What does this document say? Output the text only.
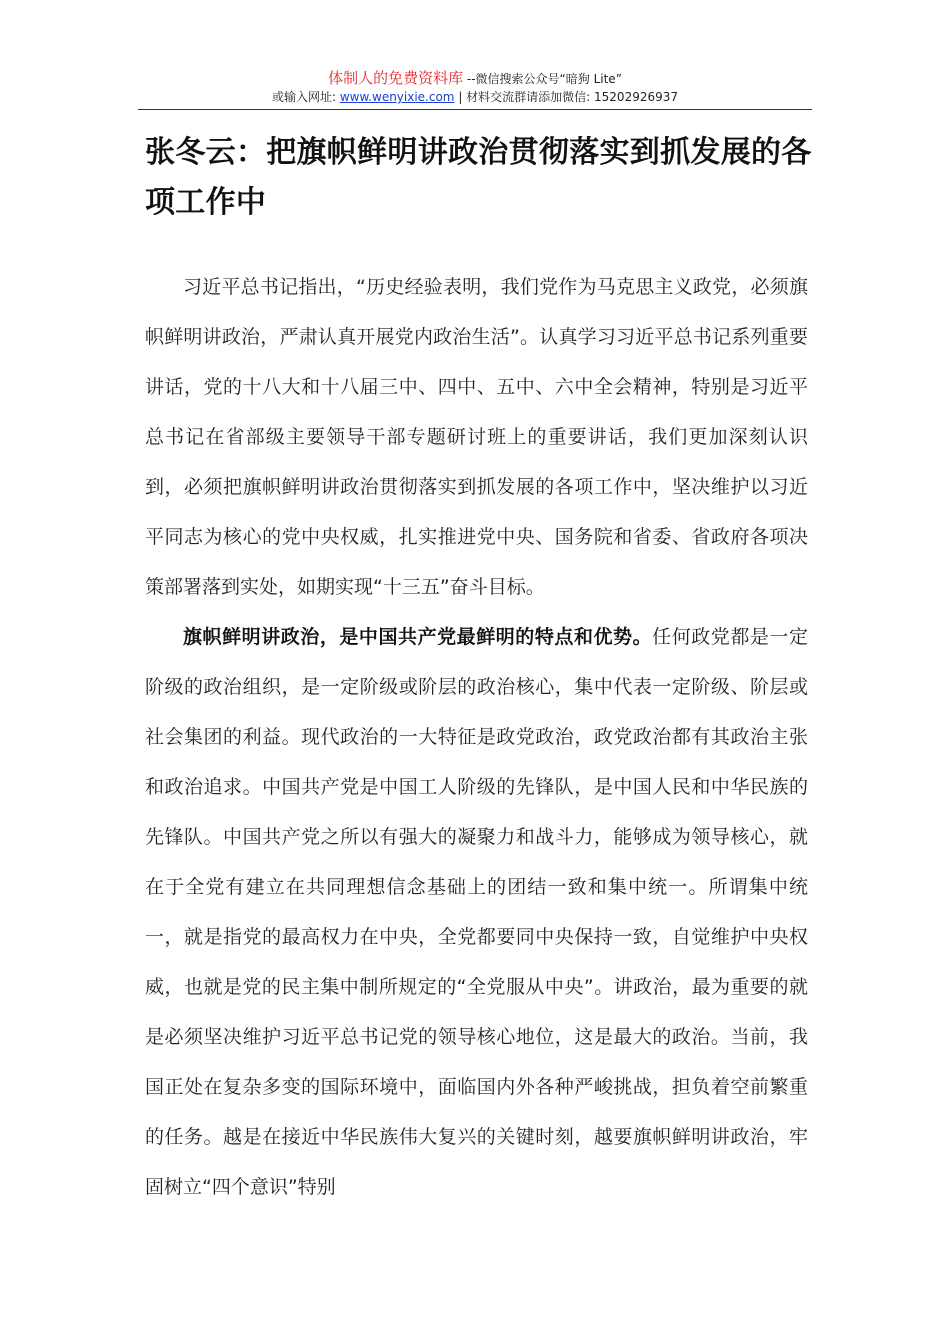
体制人的免费资料库 --微信搜索公众号“暗狗 Lite”
或输入网址: www.wenyixie.com | 材料交流群请添加微信: 15202926937
张冬云：把旗帜鲜明讲政治贯彻落实到抓发展的各项工作中

习近平总书记指出，“历史经验表明，我们党作为马克思主义政党，必须旗帜鲜明讲政治，严肃认真开展党内政治生活”。认真学习习近平总书记系列重要讲话，党的十八大和十八届三中、四中、五中、六中全会精神，特别是习近平总书记在省部级主要领导干部专题研讨班上的重要讲话，我们更加深刻认识到，必须把旗帜鲜明讲政治贯彻落实到抓发展的各项工作中，坚决维护以习近平同志为核心的党中央权威，扎实推进党中央、国务院和省委、省政府各项决策部署落到实处，如期实现“十三五”奋斗目标。

旗帜鲜明讲政治，是中国共产党最鲜明的特点和优势。任何政党都是一定阶级的政治组织，是一定阶级或阶层的政治核心，集中代表一定阶级、阶层或社会集团的利益。现代政治的一大特征是政党政治，政党政治都有其政治主张和政治追求。中国共产党是中国工人阶级的先锋队，是中国人民和中华民族的先锋队。中国共产党之所以有强大的凝聚力和战斗力，能够成为领导核心，就在于全党有建立在共同理想信念基础上的团结一致和集中统一。所谓集中统一，就是指党的最高权力在中央，全党都要同中央保持一致，自觉维护中央权威，也就是党的民主集中制所规定的“全党服从中央”。讲政治，最为重要的就是必须坚决维护习近平总书记党的领导核心地位，这是最大的政治。当前，我国正处在复杂多变的国际环境中，面临国内外各种严峻挑战，担负着空前繁重的任务。越是在接近中华民族伟大复兴的关键时刻，越要旗帜鲜明讲政治，牢固树立“四个意识”特别
